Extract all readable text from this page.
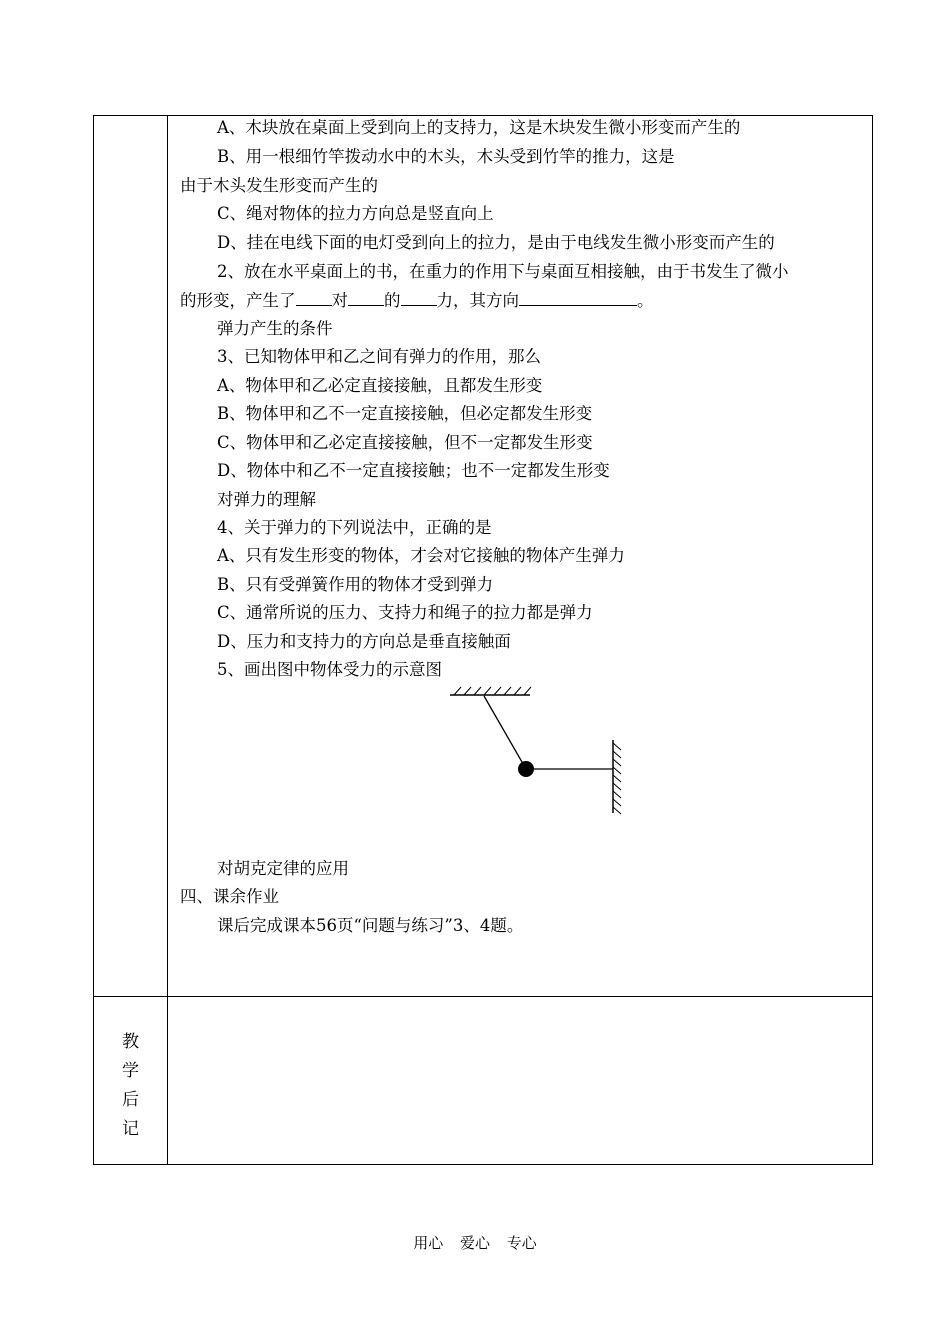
A、木块放在桌面上受到向上的支持力，这是木块发生微小形变而产生的
B、用一根细竹竿拨动水中的木头，木头受到竹竿的推力，这是
由于木头发生形变而产生的
C、绳对物体的拉力方向总是竖直向上
D、挂在电线下面的电灯受到向上的拉力，是由于电线发生微小形变而产生的
2、放在水平桌面上的书，在重力的作用下与桌面互相接触，由于书发生了微小
的形变，产生了 对 的 力，其方向	。
弹力产生的条件
3、已知物体甲和乙之间有弹力的作用，那么
A、物体甲和乙必定直接接触，且都发生形变
B、物体甲和乙不一定直接接触，但必定都发生形变
C、物体甲和乙必定直接接触，但不一定都发生形变
D、物体中和乙不一定直接接触；也不一定都发生形变
对弹力的理解
4、关于弹力的下列说法中，正确的是
A、只有发生形变的物体，才会对它接触的物体产生弹力
B、只有受弹簧作用的物体才受到弹力
C、通常所说的压力、支持力和绳子的拉力都是弹力
D、压力和支持力的方向总是垂直接触面
5、画出图中物体受力的示意图
对胡克定律的应用
四、课余作业
课后完成课本56页“问题与练习”3、4题。
教
学
后
记
用心 爱心 专心
